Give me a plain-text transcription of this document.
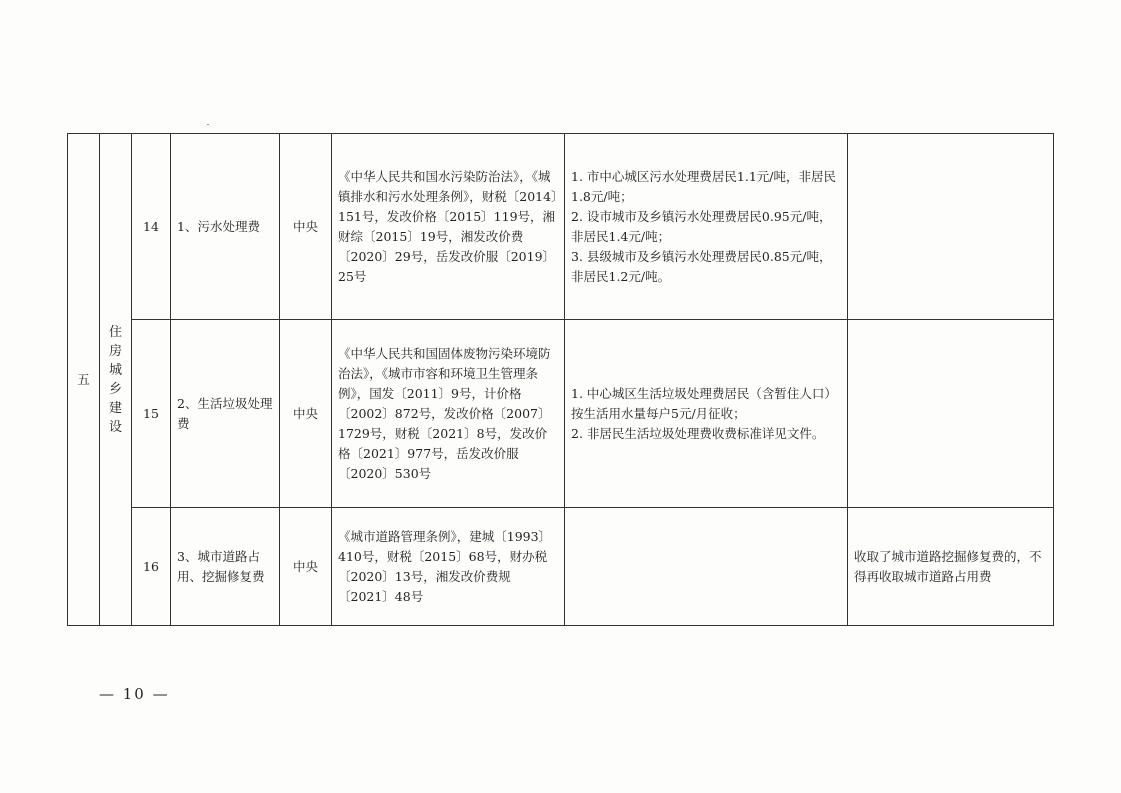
五	住房城乡建设	14	1、污水处理费	中央	《中华人民共和国水污染防治法》，《城镇排水和污水处理条例》，财税〔2014〕151号，发改价格〔2015〕119号，湘财综〔2015〕19号，湘发改价费〔2020〕29号，岳发改价服〔2019〕25号	1. 市中心城区污水处理费居民1.1元/吨，非居民1.8元/吨；
2. 设市城市及乡镇污水处理费居民0.95元/吨，非居民1.4元/吨；
3. 县级城市及乡镇污水处理费居民0.85元/吨，非居民1.2元/吨。	
		15	2、生活垃圾处理费	中央	《中华人民共和国固体废物污染环境防治法》，《城市市容和环境卫生管理条例》，国发〔2011〕9号，计价格〔2002〕872号，发改价格〔2007〕1729号，财税〔2021〕8号，发改价格〔2021〕977号，岳发改价服〔2020〕530号	1. 中心城区生活垃圾处理费居民（含暂住人口）按生活用水量每户5元/月征收；
2. 非居民生活垃圾处理费收费标准详见文件。	
		16	3、城市道路占用、挖掘修复费	中央	《城市道路管理条例》，建城〔1993〕410号，财税〔2015〕68号，财办税〔2020〕13号，湘发改价费规〔2021〕48号		收取了城市道路挖掘修复费的，不得再收取城市道路占用费
— 10 —
